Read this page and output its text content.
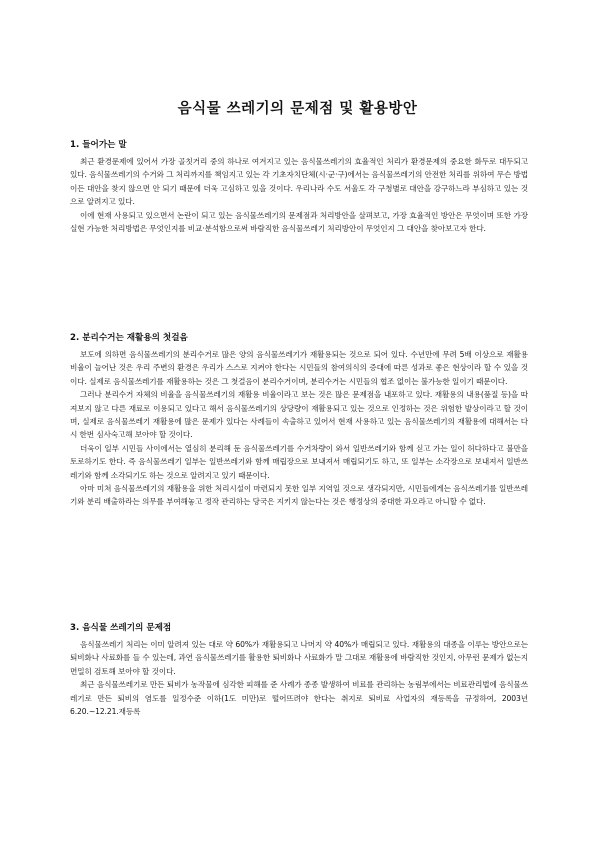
음식물 쓰레기의 문제점 및 활용방안
1. 들어가는 말

최근 환경문제에 있어서 가장 골칫거리 중의 하나로 여겨지고 있는 음식물쓰레기의 효율적인 처리가 환경문제의 중요한 화두로 대두되고 있다. 음식물쓰레기의 수거와 그 처리까지를 책임지고 있는 각 기초자치단체(시·군·구)에서는 음식물쓰레기의 안전한 처리를 위하여 무슨 방법이든 대안을 찾지 않으면 안 되기 때문에 더욱 고심하고 있을 것이다. 우리나라 수도 서울도 각 구청별로 대안을 강구하느라 부심하고 있는 것으로 알려지고 있다.

이에 현재 사용되고 있으면서 논란이 되고 있는 음식물쓰레기의 문제점과 처리방안을 살펴보고, 가장 효율적인 방안은 무엇이며 또한 가장 실현 가능한 처리방법은 무엇인지를 비교·분석함으로써 바람직한 음식물쓰레기 처리방안이 무엇인지 그 대안을 찾아보고자 한다.

2. 분리수거는 재활용의 첫걸음

보도에 의하면 음식물쓰레기의 분리수거로 많은 양의 음식물쓰레기가 재활용되는 것으로 되어 있다. 수년만에 무려 5배 이상으로 재활용 비율이 늘어난 것은 우리 주변의 환경은 우리가 스스로 지켜야 한다는 시민들의 참여의식의 증대에 따른 성과로 좋은 현상이라 할 수 있을 것이다. 실제로 음식물쓰레기를 재활용하는 것은 그 첫걸음이 분리수거이며, 분리수거는 시민들의 협조 없이는 불가능한 일이기 때문이다.

그러나 분리수거 자체의 비율을 음식물쓰레기의 재활용 비율이라고 보는 것은 많은 문제점을 내포하고 있다. 재활용의 내용(품질 등)을 따져보지 않고 다른 재료로 이용되고 있다고 해서 음식물쓰레기의 상당량이 재활용되고 있는 것으로 인정하는 것은 위험한 발상이라고 할 것이며, 실제로 음식물쓰레기 재활용에 많은 문제가 있다는 사례들이 속출하고 있어서 현재 사용하고 있는 음식물쓰레기의 재활용에 대해서는 다시 한번 심사숙고해 보아야 할 것이다.

더욱이 일부 시민들 사이에서는 열심히 분리해 둔 음식물쓰레기를 수거차량이 와서 일반쓰레기와 함께 싣고 가는 일이 허다하다고 불만을 토로하기도 한다. 즉 음식물쓰레기 일부는 일반쓰레기와 함께 매립장으로 보내져서 매립되기도 하고, 또 일부는 소각장으로 보내져서 일반쓰레기와 함께 소각되기도 하는 것으로 알려지고 있기 때문이다.

아마 미쳐 음식물쓰레기의 재활용을 위한 처리시설이 마련되지 못한 일부 지역일 것으로 생각되지만, 시민들에게는 음식쓰레기를 일반쓰레기와 분리 배출하라는 의무를 부여해놓고 정작 관리하는 당국은 지키지 않는다는 것은 행정상의 중대한 과오라고 아니할 수 없다.

3. 음식물 쓰레기의 문제점

음식물쓰레기 처리는 이미 알려져 있는 대로 약 60%가 재활용되고 나머지 약 40%가 매립되고 있다. 재활용의 대종을 이루는 방안으로는 퇴비화나 사료화를 들 수 있는데, 과연 음식물쓰레기를 활용한 퇴비화나 사료화가 말 그대로 재활용에 바람직한 것인지, 아무런 문제가 없는지 면밀히 검토해 보아야 할 것이다.

최근 음식물쓰레기로 만든 퇴비가 농작물에 심각한 피해를 준 사례가 종종 발생하여 비료를 관리하는 농림부에서는 비료관리법에 음식물쓰레기로 만든 퇴비의 염도를 일정수준 이하(1도 미만)로 떨어뜨려야 한다는 취지로 퇴비료 사업자의 재등록을 규정하여, 2003년 6.20.~12.21.재등록
